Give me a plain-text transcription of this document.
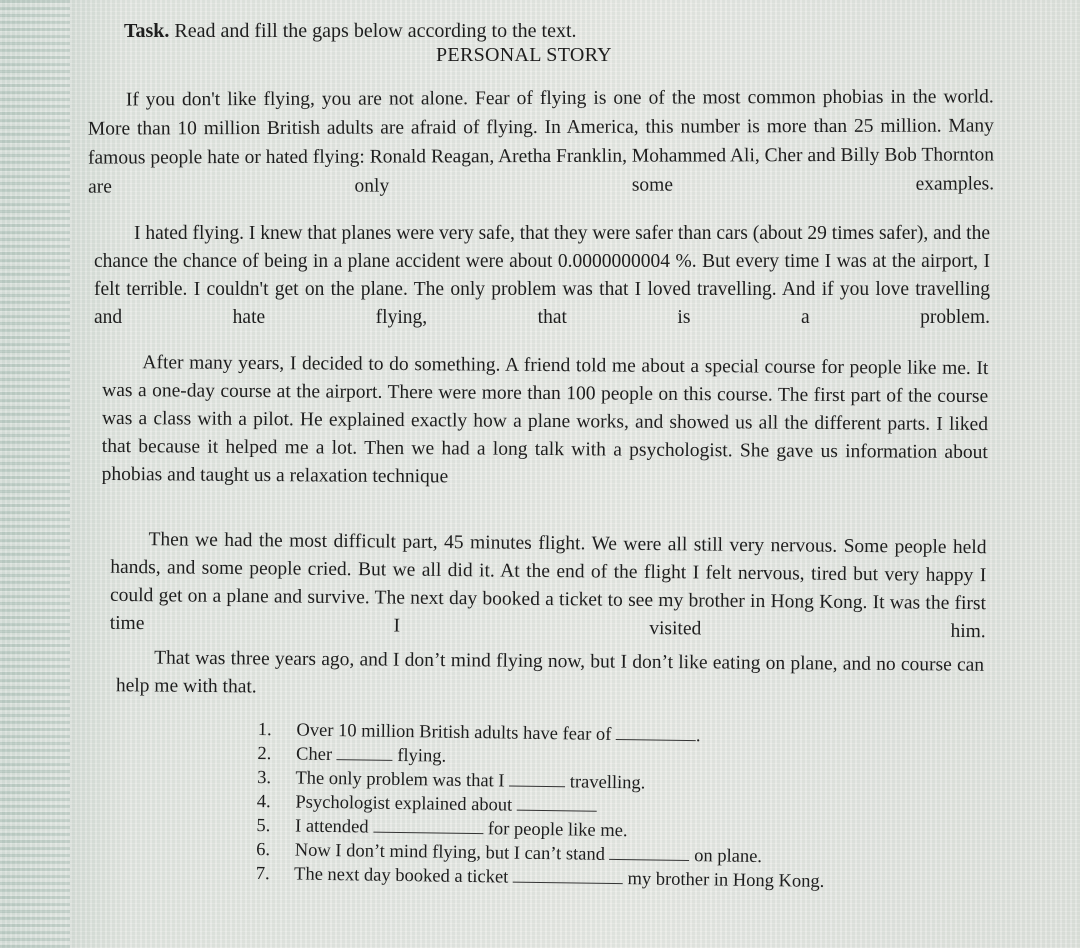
Task. Read and fill the gaps below according to the text.
PERSONAL STORY

If you don't like flying, you are not alone. Fear of flying is one of the most common phobias in the world. More than 10 million British adults are afraid of flying. In America, this number is more than 25 million. Many famous people hate or hated flying: Ronald Reagan, Aretha Franklin, Mohammed Ali, Cher and Billy Bob Thornton are only some examples.

I hated flying. I knew that planes were very safe, that they were safer than cars (about 29 times safer), and the chance the chance of being in a plane accident were about 0.0000000004 %. But every time I was at the airport, I felt terrible. I couldn't get on the plane. The only problem was that I loved travelling. And if you love travelling and hate flying, that is a problem.

After many years, I decided to do something. A friend told me about a special course for people like me. It was a one-day course at the airport. There were more than 100 people on this course. The first part of the course was a class with a pilot. He explained exactly how a plane works, and showed us all the different parts. I liked that because it helped me a lot. Then we had a long talk with a psychologist. She gave us information about phobias and taught us a relaxation technique

Then we had the most difficult part, 45 minutes flight. We were all still very nervous. Some people held hands, and some people cried. But we all did it. At the end of the flight I felt nervous, tired but very happy I could get on a plane and survive. The next day booked a ticket to see my brother in Hong Kong. It was the first time I visited him.

That was three years ago, and I don’t mind flying now, but I don’t like eating on plane, and no course can help me with that.

1. Over 10 million British adults have fear of	.
2. Cher	flying.
3. The only problem was that I	travelling.
4. Psychologist explained about
5. I attended	for people like me.
6. Now I don’t mind flying, but I can’t stand	on plane.
7. The next day booked a ticket	my brother in Hong Kong.
